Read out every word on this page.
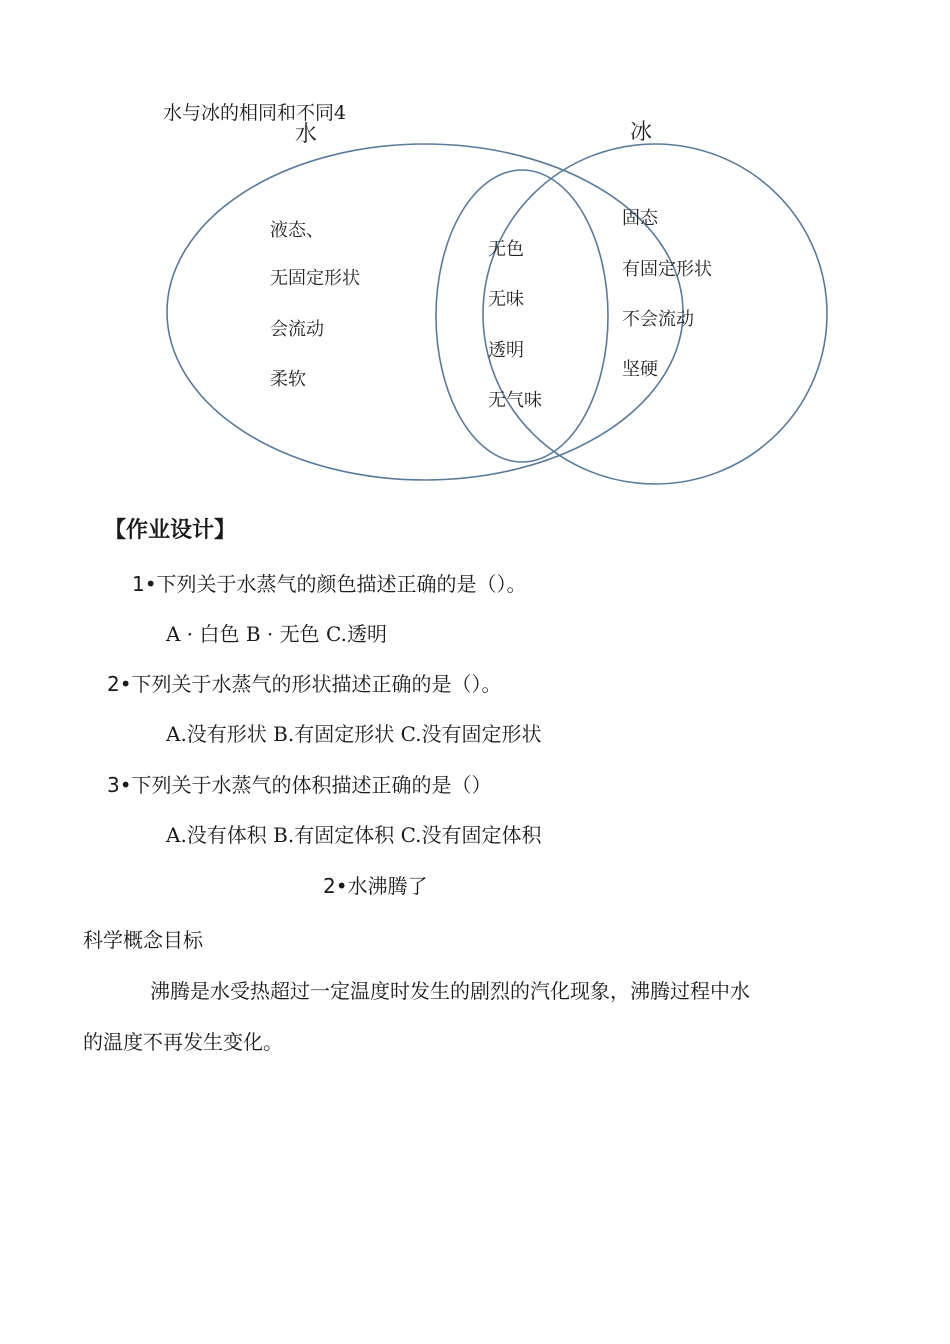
水与冰的相同和不同4
水	冰
液态、
无固定形状
会流动
柔软
无色
无味
透明
无气味
固态
有固定形状
不会流动
坚硬
【作业设计】
1•下列关于水蒸气的颜色描述正确的是（）。
A · 白色 B · 无色 C.透明
2•下列关于水蒸气的形状描述正确的是（）。
A.没有形状 B.有固定形状 C.没有固定形状
3•下列关于水蒸气的体积描述正确的是（）
A.没有体积 B.有固定体积 C.没有固定体积
2•水沸腾了
科学概念目标
沸腾是水受热超过一定温度时发生的剧烈的汽化现象，沸腾过程中水
的温度不再发生变化。
